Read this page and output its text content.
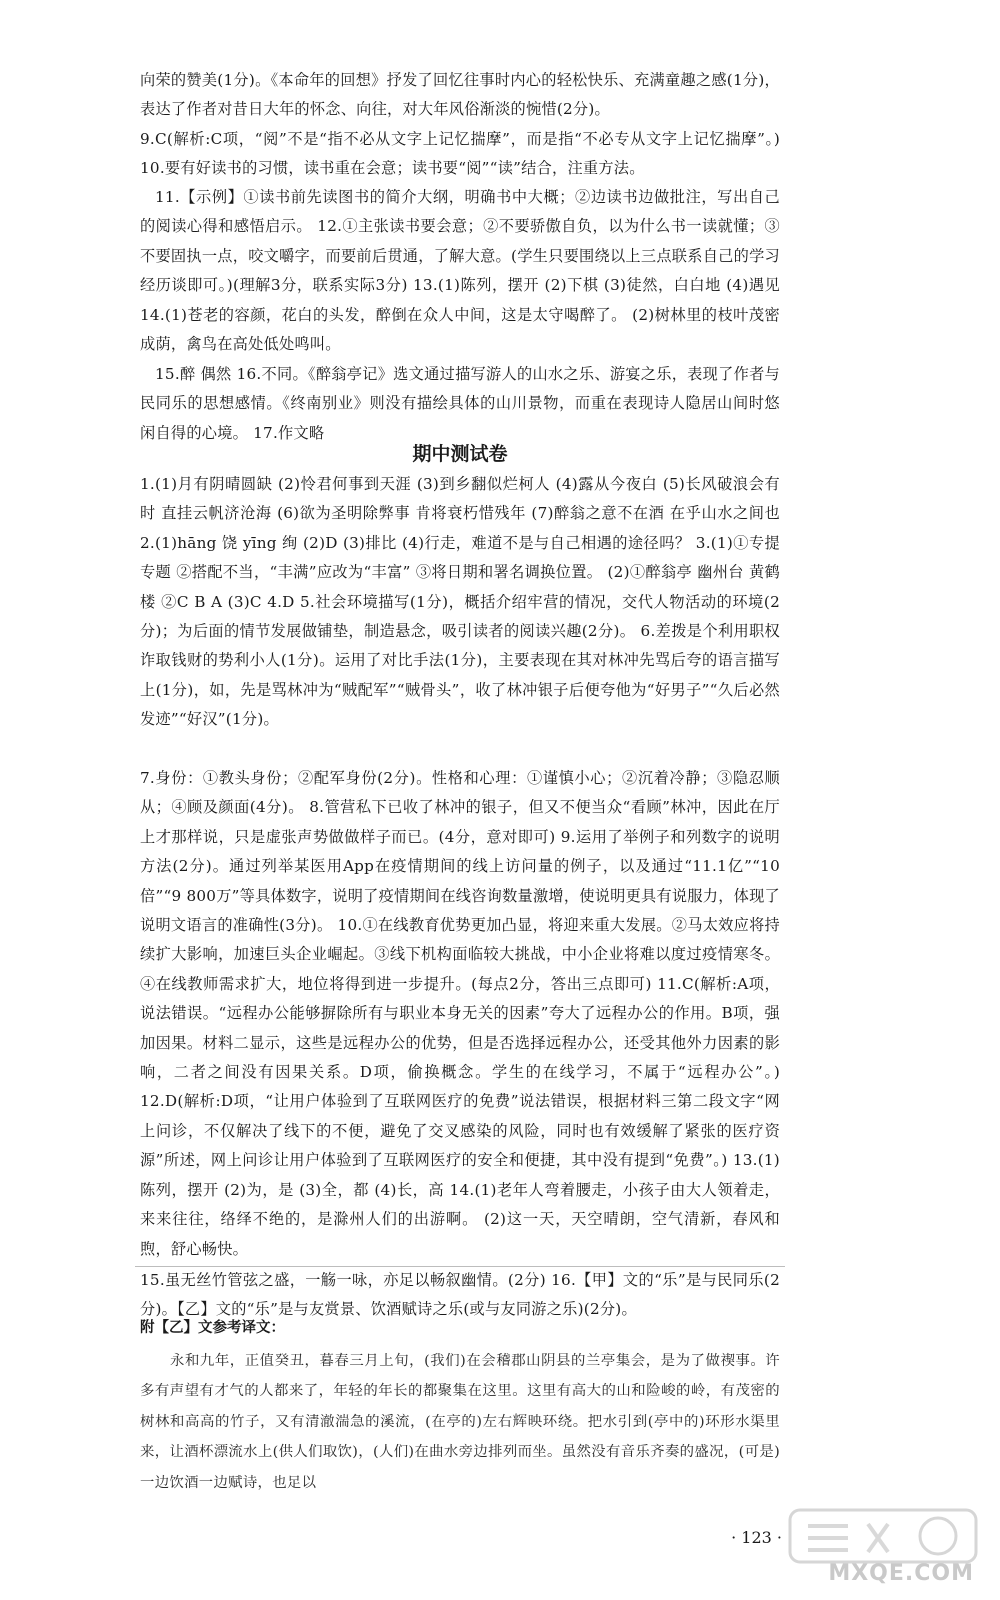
向荣的赞美(1分)。《本命年的回想》抒发了回忆往事时内心的轻松快乐、充满童趣之感(1分)，表达了作者对昔日大年的怀念、向往，对大年风俗渐淡的惋惜(2分)。

9.C(解析:C项，“阅”不是“指不必从文字上记忆揣摩”，而是指“不必专从文字上记忆揣摩”。) 10.要有好读书的习惯，读书重在会意；读书要“阅”“读”结合，注重方法。

11.【示例】①读书前先读图书的简介大纲，明确书中大概；②边读书边做批注，写出自己的阅读心得和感悟启示。 12.①主张读书要会意；②不要骄傲自负，以为什么书一读就懂；③不要固执一点，咬文嚼字，而要前后贯通，了解大意。(学生只要围绕以上三点联系自己的学习经历谈即可。)(理解3分，联系实际3分) 13.(1)陈列，摆开 (2)下棋 (3)徒然，白白地 (4)遇见 14.(1)苍老的容颜，花白的头发，醉倒在众人中间，这是太守喝醉了。 (2)树林里的枝叶茂密成荫，禽鸟在高处低处鸣叫。

15.醉 偶然 16.不同。《醉翁亭记》选文通过描写游人的山水之乐、游宴之乐，表现了作者与民同乐的思想感情。《终南别业》则没有描绘具体的山川景物，而重在表现诗人隐居山间时悠闲自得的心境。 17.作文略

期中测试卷

1.(1)月有阴晴圆缺 (2)怜君何事到天涯 (3)到乡翻似烂柯人 (4)露从今夜白 (5)长风破浪会有时 直挂云帆济沧海 (6)欲为圣明除弊事 肯将衰朽惜残年 (7)醉翁之意不在酒 在乎山水之间也 2.(1)hāng 饶 yīng 绚 (2)D (3)排比 (4)行走，难道不是与自己相遇的途径吗？ 3.(1)①专提 专题 ②搭配不当，“丰满”应改为“丰富” ③将日期和署名调换位置。 (2)①醉翁亭 幽州台 黄鹤楼 ②C B A (3)C 4.D 5.社会环境描写(1分)，概括介绍牢营的情况，交代人物活动的环境(2分)；为后面的情节发展做铺垫，制造悬念，吸引读者的阅读兴趣(2分)。 6.差拨是个利用职权诈取钱财的势利小人(1分)。运用了对比手法(1分)，主要表现在其对林冲先骂后夸的语言描写上(1分)，如，先是骂林冲为“贼配军”“贼骨头”，收了林冲银子后便夸他为“好男子”“久后必然发迹”“好汉”(1分)。

7.身份：①教头身份；②配军身份(2分)。性格和心理：①谨慎小心；②沉着冷静；③隐忍顺从；④顾及颜面(4分)。 8.管营私下已收了林冲的银子，但又不便当众“看顾”林冲，因此在厅上才那样说，只是虚张声势做做样子而已。(4分，意对即可) 9.运用了举例子和列数字的说明方法(2分)。通过列举某医用App在疫情期间的线上访问量的例子，以及通过“11.1亿”“10倍”“9 800万”等具体数字，说明了疫情期间在线咨询数量激增，使说明更具有说服力，体现了说明文语言的准确性(3分)。 10.①在线教育优势更加凸显，将迎来重大发展。②马太效应将持续扩大影响，加速巨头企业崛起。③线下机构面临较大挑战，中小企业将难以度过疫情寒冬。④在线教师需求扩大，地位将得到进一步提升。(每点2分，答出三点即可) 11.C(解析:A项，说法错误。“远程办公能够摒除所有与职业本身无关的因素”夸大了远程办公的作用。B项，强加因果。材料二显示，这些是远程办公的优势，但是否选择远程办公，还受其他外力因素的影响，二者之间没有因果关系。D项，偷换概念。学生的在线学习，不属于“远程办公”。) 12.D(解析:D项，“让用户体验到了互联网医疗的免费”说法错误，根据材料三第二段文字“网上问诊，不仅解决了线下的不便，避免了交叉感染的风险，同时也有效缓解了紧张的医疗资源”所述，网上问诊让用户体验到了互联网医疗的安全和便捷，其中没有提到“免费”。) 13.(1)陈列，摆开 (2)为，是 (3)全，都 (4)长，高 14.(1)老年人弯着腰走，小孩子由大人领着走，来来往往，络绎不绝的，是滁州人们的出游啊。 (2)这一天，天空晴朗，空气清新，春风和煦，舒心畅快。

15.虽无丝竹管弦之盛，一觞一咏，亦足以畅叙幽情。(2分) 16.【甲】文的“乐”是与民同乐(2分)。【乙】文的“乐”是与友赏景、饮酒赋诗之乐(或与友同游之乐)(2分)。

附【乙】文参考译文：

永和九年，正值癸丑，暮春三月上旬，(我们)在会稽郡山阴县的兰亭集会，是为了做禊事。许多有声望有才气的人都来了，年轻的年长的都聚集在这里。这里有高大的山和险峻的岭，有茂密的树林和高高的竹子，又有清澈湍急的溪流，(在亭的)左右辉映环绕。把水引到(亭中的)环形水渠里来，让酒杯漂流水上(供人们取饮)，(人们)在曲水旁边排列而坐。虽然没有音乐齐奏的盛况，(可是)一边饮酒一边赋诗，也足以

· 123 ·
MXQE.COM
